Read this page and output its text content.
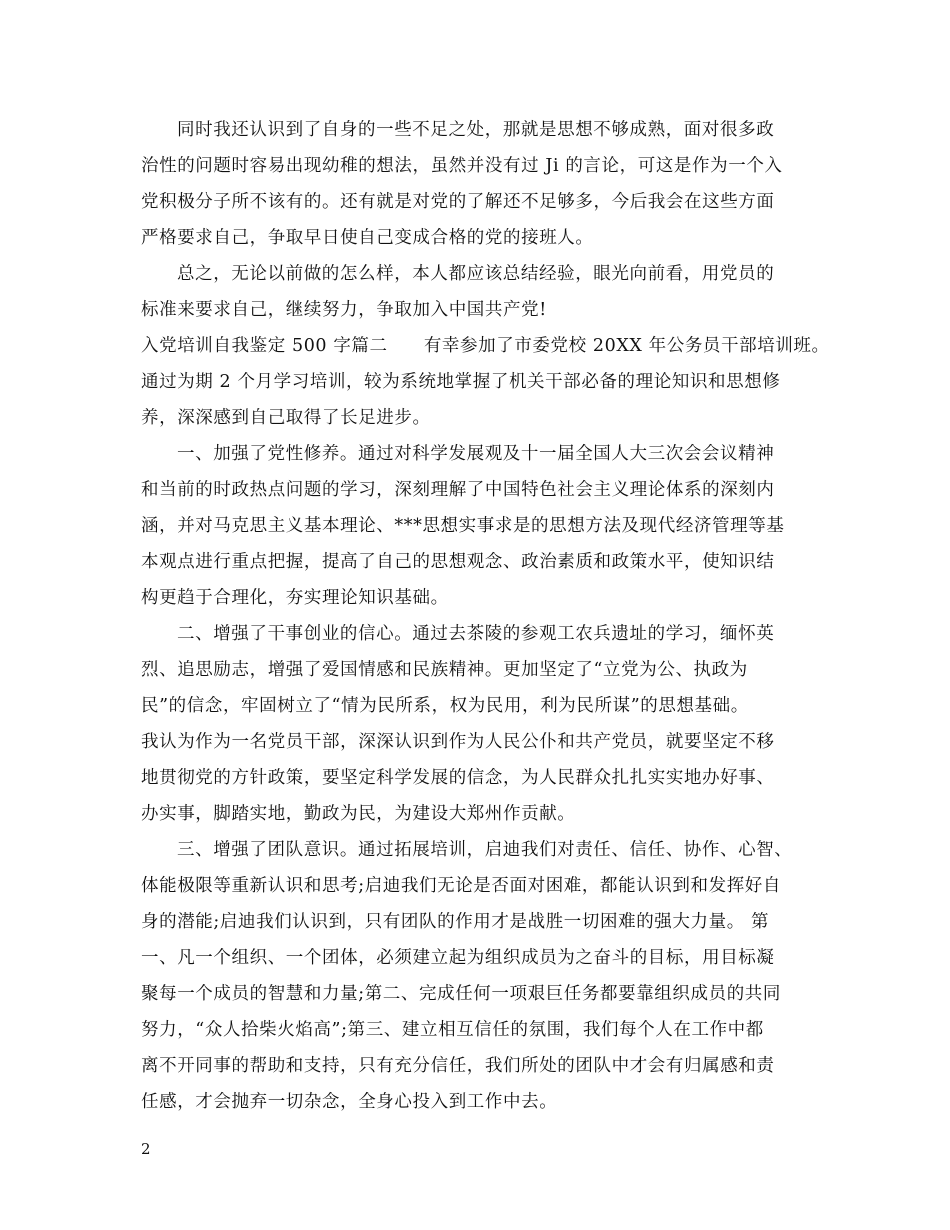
同时我还认识到了自身的一些不足之处，那就是思想不够成熟，面对很多政
治性的问题时容易出现幼稚的想法，虽然并没有过 Ji 的言论，可这是作为一个入
党积极分子所不该有的。还有就是对党的了解还不足够多，今后我会在这些方面
严格要求自己，争取早日使自己变成合格的党的接班人。
总之，无论以前做的怎么样，本人都应该总结经验，眼光向前看，用党员的
标准来要求自己，继续努力，争取加入中国共产党!
入党培训自我鉴定 500 字篇二　　有幸参加了市委党校 20XX 年公务员干部培训班。
通过为期 2 个月学习培训，较为系统地掌握了机关干部必备的理论知识和思想修
养，深深感到自己取得了长足进步。
一、加强了党性修养。通过对科学发展观及十一届全国人大三次会会议精神
和当前的时政热点问题的学习，深刻理解了中国特色社会主义理论体系的深刻内
涵，并对马克思主义基本理论、***思想实事求是的思想方法及现代经济管理等基
本观点进行重点把握，提高了自己的思想观念、政治素质和政策水平，使知识结
构更趋于合理化，夯实理论知识基础。
二、增强了干事创业的信心。通过去茶陵的参观工农兵遗址的学习，缅怀英
烈、追思励志，增强了爱国情感和民族精神。更加坚定了“立党为公、执政为
民”的信念，牢固树立了“情为民所系，权为民用，利为民所谋”的思想基础。
我认为作为一名党员干部，深深认识到作为人民公仆和共产党员，就要坚定不移
地贯彻党的方针政策，要坚定科学发展的信念，为人民群众扎扎实实地办好事、
办实事，脚踏实地，勤政为民，为建设大郑州作贡献。
三、增强了团队意识。通过拓展培训，启迪我们对责任、信任、协作、心智、
体能极限等重新认识和思考;启迪我们无论是否面对困难，都能认识到和发挥好自
身的潜能;启迪我们认识到，只有团队的作用才是战胜一切困难的强大力量。 第
一、凡一个组织、一个团体，必须建立起为组织成员为之奋斗的目标，用目标凝
聚每一个成员的智慧和力量;第二、完成任何一项艰巨任务都要靠组织成员的共同
努力，“众人拾柴火焰高”;第三、建立相互信任的氛围，我们每个人在工作中都
离不开同事的帮助和支持，只有充分信任，我们所处的团队中才会有归属感和责
任感，才会抛弃一切杂念，全身心投入到工作中去。
2
